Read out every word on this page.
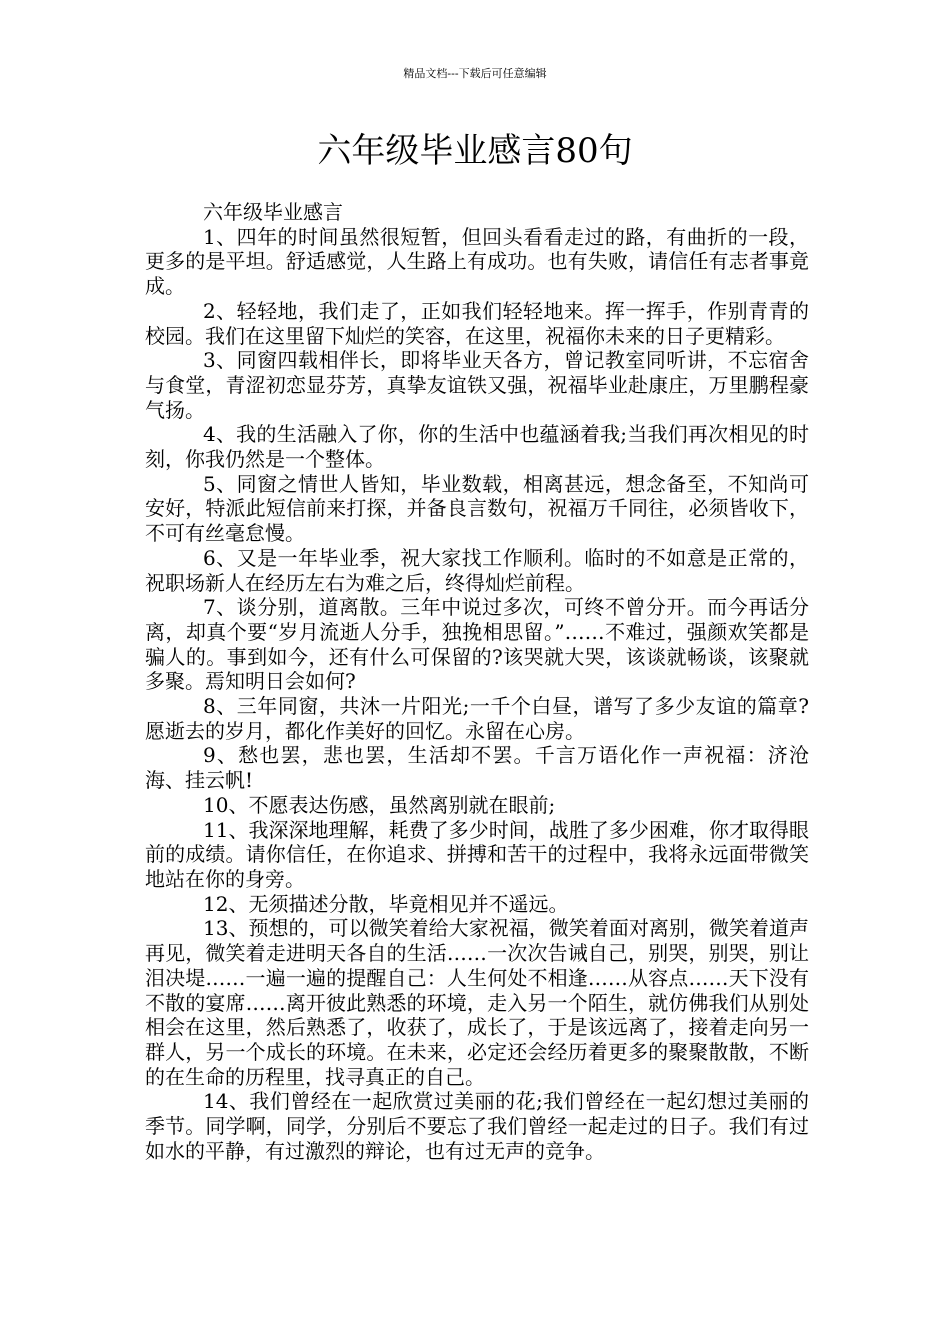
精品文档---下载后可任意编辑
六年级毕业感言80句

六年级毕业感言

1、四年的时间虽然很短暂，但回头看看走过的路，有曲折的一段，更多的是平坦。舒适感觉，人生路上有成功。也有失败，请信任有志者事竟成。

2、轻轻地，我们走了，正如我们轻轻地来。挥一挥手，作别青青的校园。我们在这里留下灿烂的笑容，在这里，祝福你未来的日子更精彩。

3、同窗四载相伴长，即将毕业天各方，曾记教室同听讲，不忘宿舍与食堂，青涩初恋显芬芳，真挚友谊铁又强，祝福毕业赴康庄，万里鹏程豪气扬。

4、我的生活融入了你，你的生活中也蕴涵着我;当我们再次相见的时刻，你我仍然是一个整体。

5、同窗之情世人皆知，毕业数载，相离甚远，想念备至，不知尚可安好，特派此短信前来打探，并备良言数句，祝福万千同往，必须皆收下，不可有丝毫怠慢。

6、又是一年毕业季，祝大家找工作顺利。临时的不如意是正常的，祝职场新人在经历左右为难之后，终得灿烂前程。

7、谈分别，道离散。三年中说过多次，可终不曾分开。而今再话分离，却真个要“岁月流逝人分手，独挽相思留。”……不难过，强颜欢笑都是骗人的。事到如今，还有什么可保留的?该哭就大哭，该谈就畅谈，该聚就多聚。焉知明日会如何?

8、三年同窗，共沐一片阳光;一千个白昼，谱写了多少友谊的篇章?愿逝去的岁月，都化作美好的回忆。永留在心房。

9、愁也罢，悲也罢，生活却不罢。千言万语化作一声祝福：济沧海、挂云帆!

10、不愿表达伤感，虽然离别就在眼前;

11、我深深地理解，耗费了多少时间，战胜了多少困难，你才取得眼前的成绩。请你信任，在你追求、拼搏和苦干的过程中，我将永远面带微笑地站在你的身旁。

12、无须描述分散，毕竟相见并不遥远。

13、预想的，可以微笑着给大家祝福，微笑着面对离别，微笑着道声再见，微笑着走进明天各自的生活……一次次告诫自己，别哭，别哭，别让泪决堤……一遍一遍的提醒自己：人生何处不相逢……从容点……天下没有不散的宴席……离开彼此熟悉的环境，走入另一个陌生，就仿佛我们从别处相会在这里，然后熟悉了，收获了，成长了，于是该远离了，接着走向另一群人，另一个成长的环境。在未来，必定还会经历着更多的聚聚散散，不断的在生命的历程里，找寻真正的自己。

14、我们曾经在一起欣赏过美丽的花;我们曾经在一起幻想过美丽的季节。同学啊，同学，分别后不要忘了我们曾经一起走过的日子。我们有过如水的平静，有过激烈的辩论，也有过无声的竞争。
